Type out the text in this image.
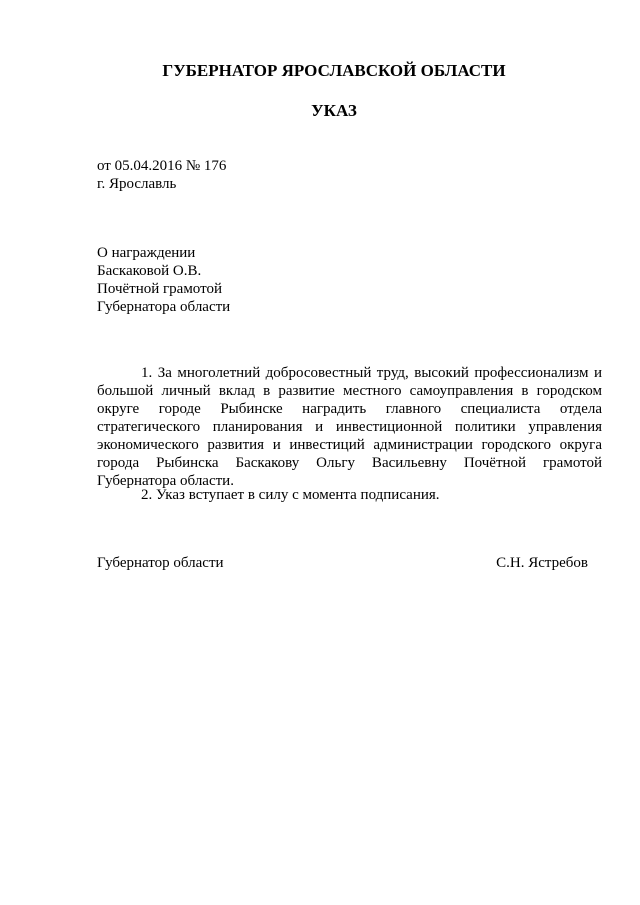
ГУБЕРНАТОР ЯРОСЛАВСКОЙ ОБЛАСТИ
УКАЗ
от 05.04.2016 № 176
г. Ярославль
О награждении
Баскаковой О.В.
Почётной грамотой
Губернатора области
1. За многолетний добросовестный труд, высокий профессионализм и
большой личный вклад в развитие местного самоуправления в городском
округе городе Рыбинске наградить главного специалиста отдела
стратегического планирования и инвестиционной политики управления
экономического развития и инвестиций администрации городского округа
города Рыбинска Баскакову Ольгу Васильевну Почётной грамотой
Губернатора области.
2. Указ вступает в силу с момента подписания.
Губернатор области	С.Н. Ястребов
